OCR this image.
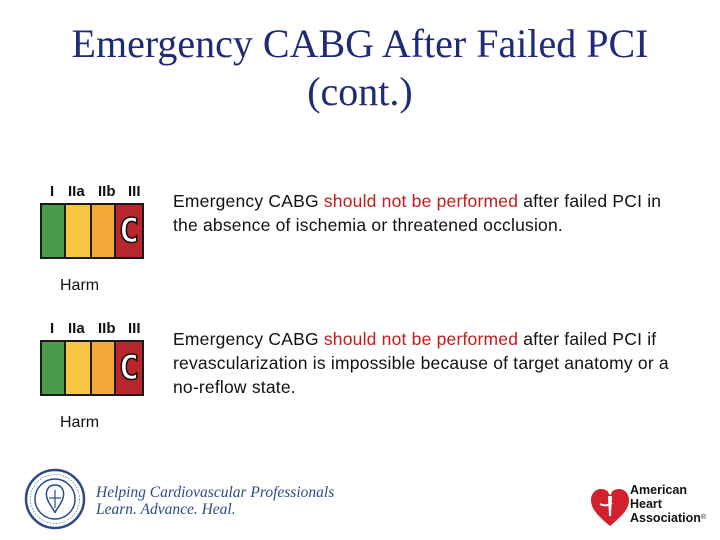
Emergency CABG After Failed PCI
(cont.)
I IIa IIb III
C
Harm
Emergency CABG should not be performed after failed PCI in the absence of ischemia or threatened occlusion.
I IIa IIb III
C
Harm
Emergency CABG should not be performed after failed PCI if revascularization is impossible because of target anatomy or a no-reflow state.
Helping Cardiovascular Professionals
Learn. Advance. Heal.
American
Heart
Association®
